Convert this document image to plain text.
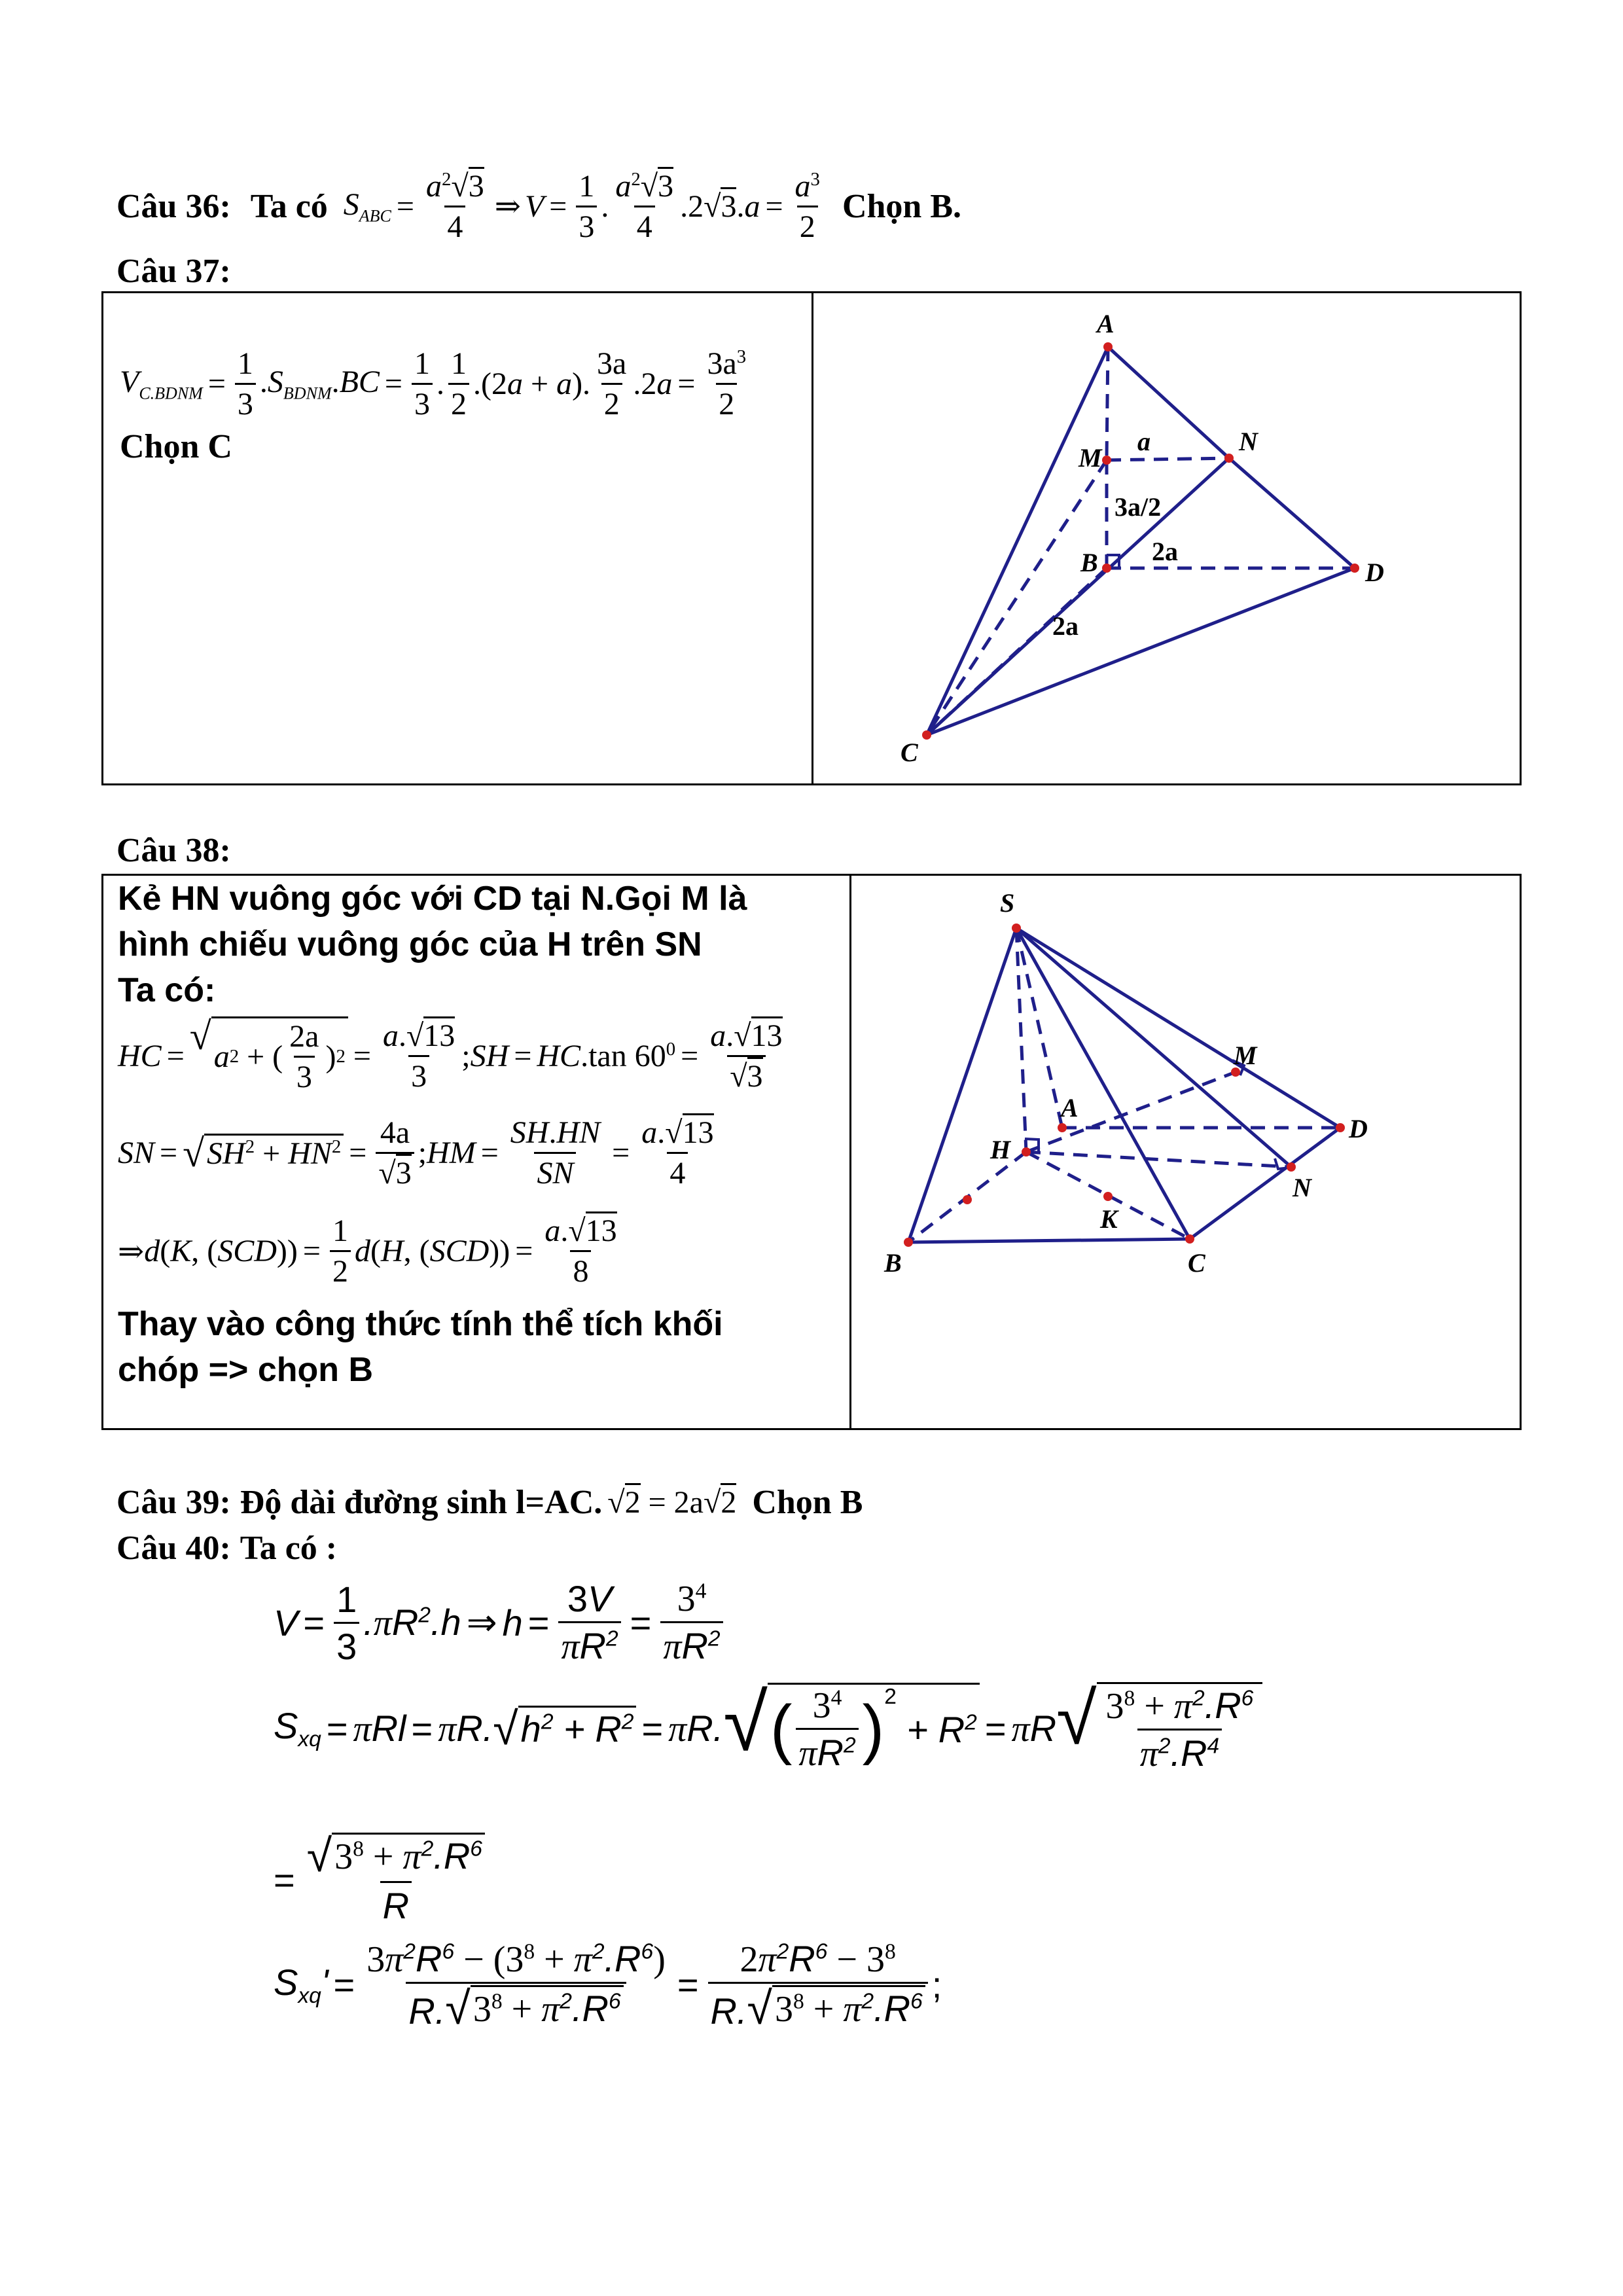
Câu 36: Ta có $S_{ABC} = \frac{a^2√3}{4}$ ⇒ $V = \frac{1}{3}$ . $\frac{a^2√3}{4} .2√3.a = \frac{a^3}{2}$ Chọn B.
Câu 37:
$V_{C.BDNM} = \frac{1}{3} .S_{BDNM}.BC = \frac{1}{3}$ . $\frac{1}{2} .(2a + a)$. $\frac{3a}{2} .2a = \frac{3a^3}{2}$
Chọn C
A
M
N
B	D
C
a
3a/2
2a
2a
Câu 38:
Kẻ HN vuông góc với CD tại N.Gọi M là
hình chiếu vuông góc của H trên SN
Ta có:
HC = √ a 2 + ( $\frac{2a}{3}$ ) $2 = \frac{a.√13}{3}$ ; SH = HC .tan $60^0 = \frac{a.√13}{√3}$
SN = √ $SH^2 + HN^2 = \frac{4a}{√3}$ ; HM = $\frac{SH.HN}{SN} = \frac{a.√13}{4}$
⇒ d (K, $(SCD)) = \frac{1}{2}$ d (H, $(SCD)) = \frac{a.√13}{8}$
Thay vào công thức tính thể tích khối
chóp => chọn B
S
M
A
D
H
N
K
B	C
Câu 39: Độ dài đường sinh l=AC. √2 = 2a√2 Chọn B
Câu 40: Ta có :
$V = \frac{1}{3} .\pi R^2.h$ ⇒ $h = \frac{3V}{\pi R^2} = \frac{3^4}{\pi R^2}$
$S_{xq} = \pi Rl = \pi R$. √ $h^2 + R^2 = \pi R$. √ ( $\frac{3^4}{\pi R^2} )^2$
+ $R^2 = \pi R$ √ $\frac{3^8 + \pi^2.R^6}{\pi^2.R^4}$
= $\frac{√ 3^8 + \pi^2.R^6}{R}$
$S_{xq}' = \frac{3\pi^2R^6 - (3^8 + \pi^2.R^6)}{R. √ 3^8 + \pi^2.R^6} = \frac{2\pi^2R^6 - 3^8}{R. √ 3^8 + \pi^2.R^6}$ ;
